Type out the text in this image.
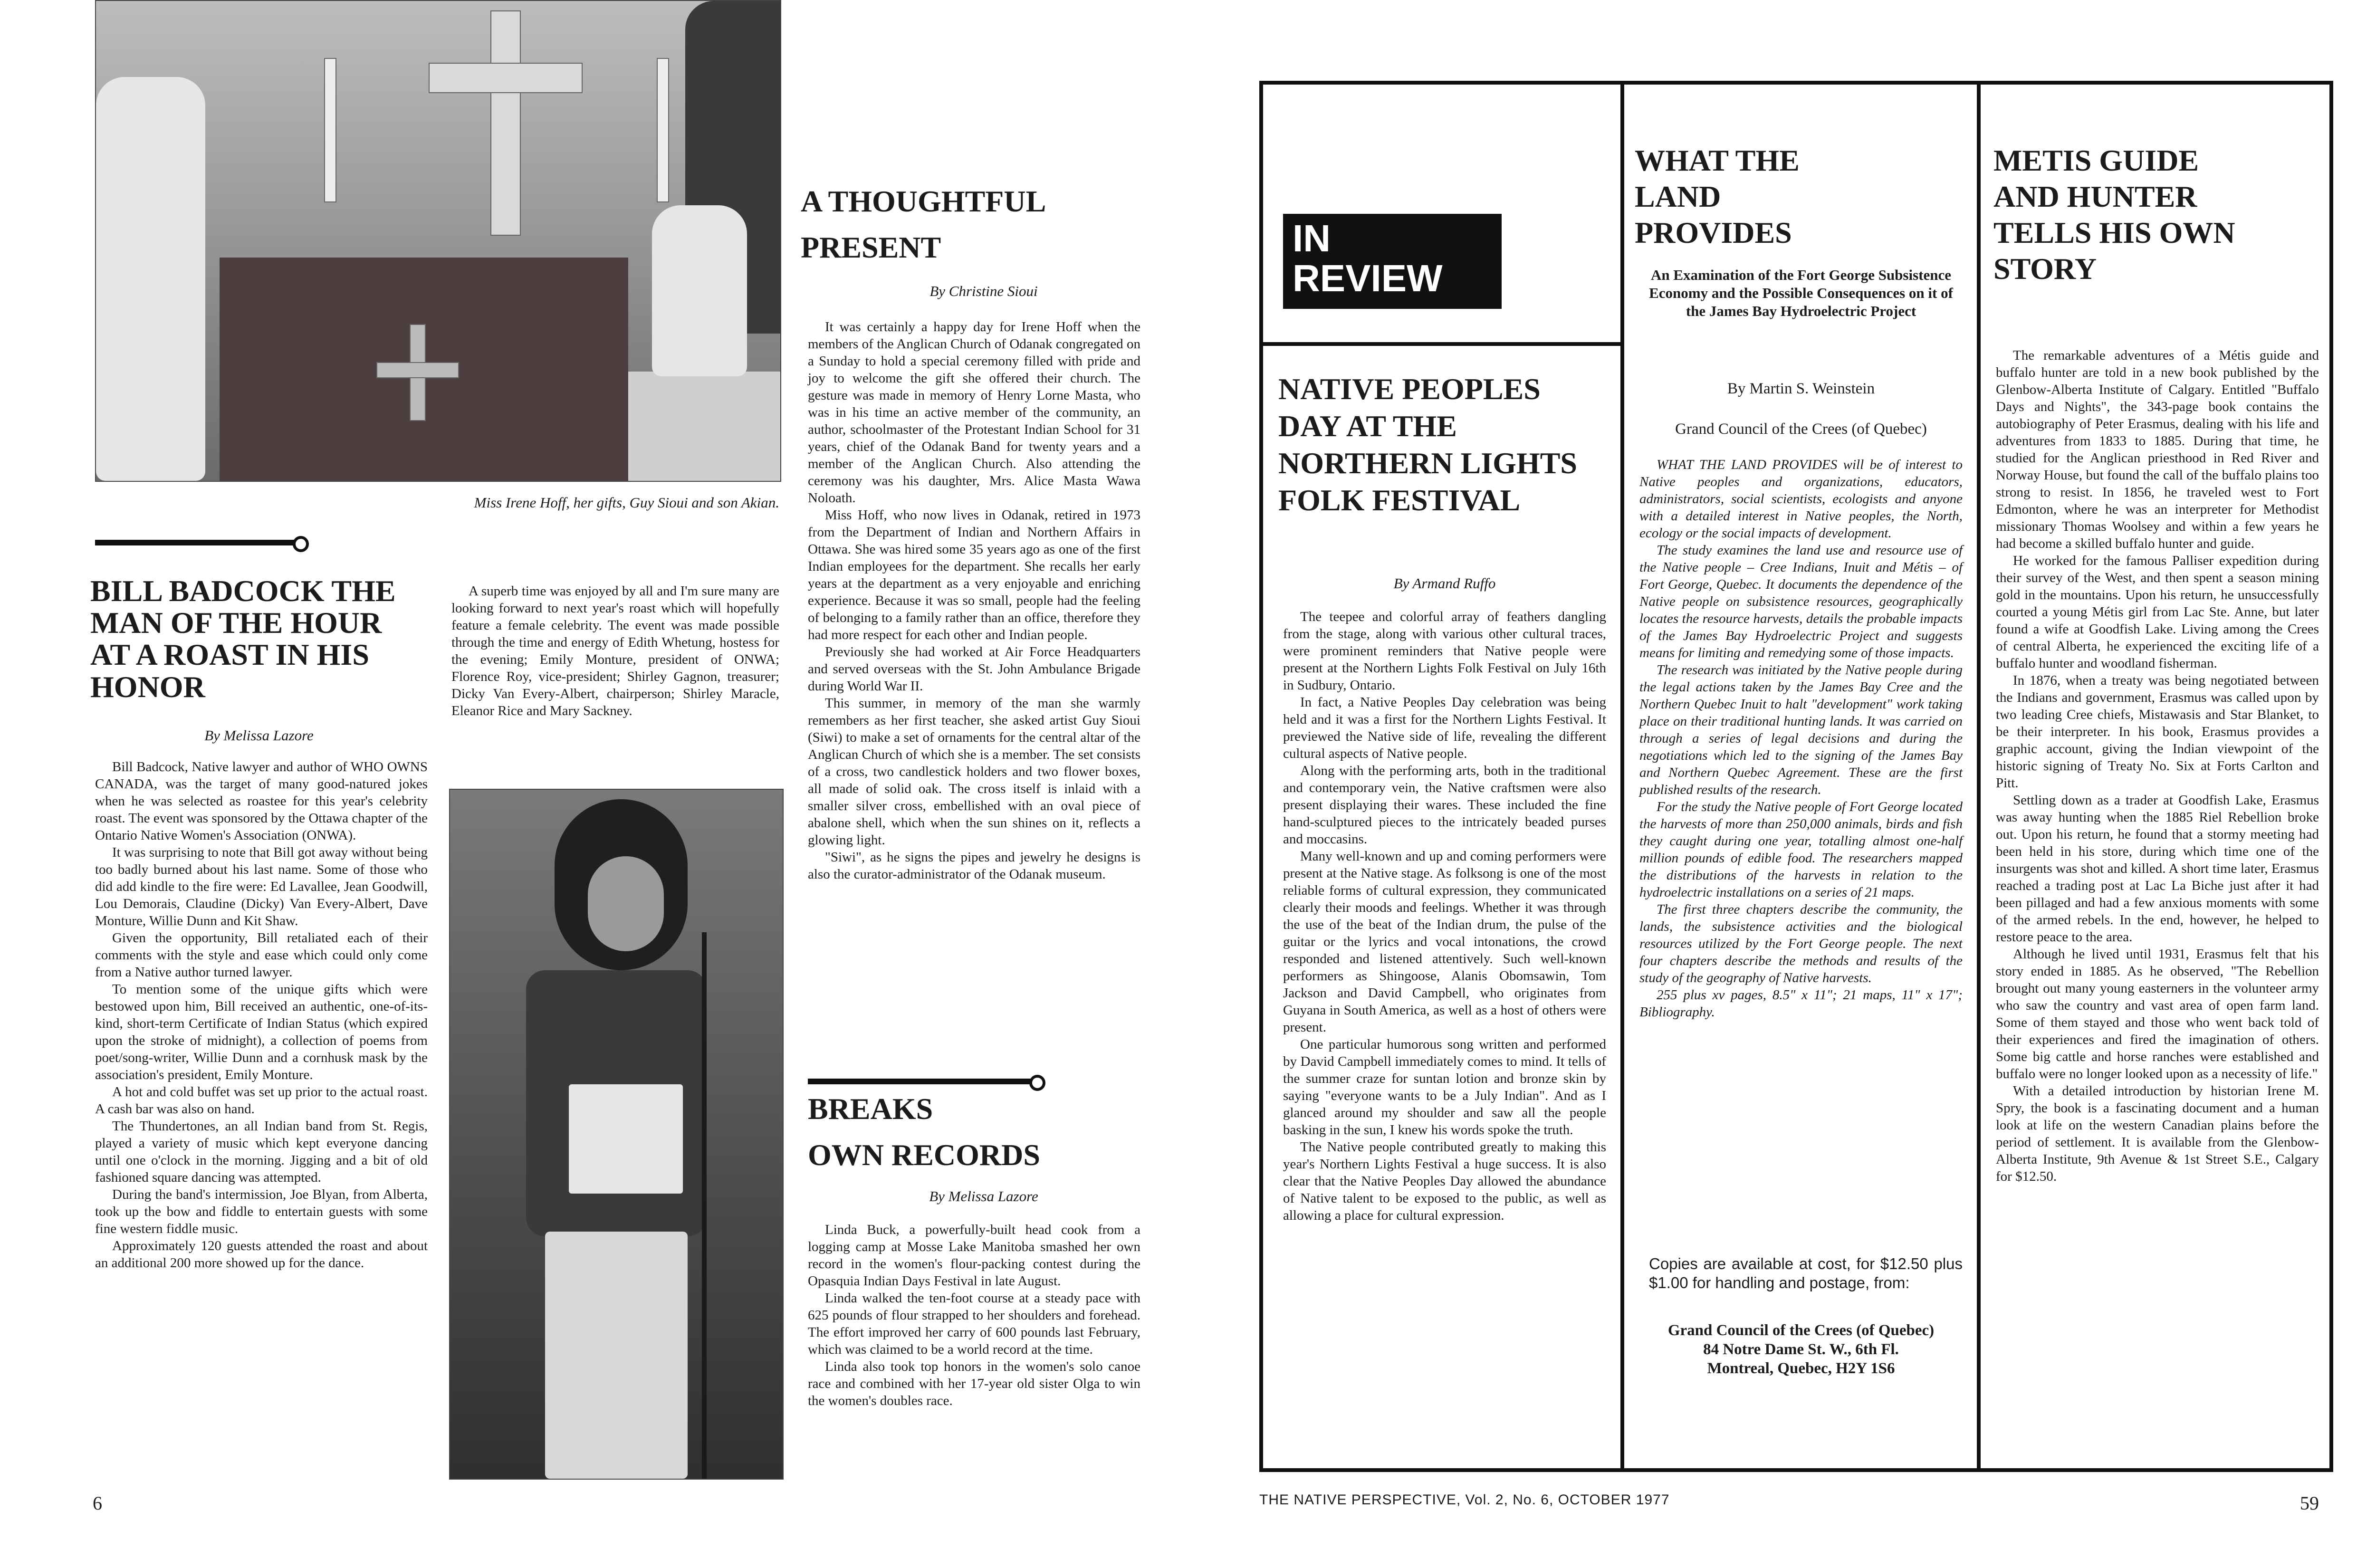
Miss Irene Hoff, her gifts, Guy Sioui and son Akian.
BILL BADCOCK THE MAN OF THE HOUR AT A ROAST IN HIS HONOR
By Melissa Lazore

Bill Badcock, Native lawyer and author of WHO OWNS CANADA, was the target of many good-natured jokes when he was selected as roastee for this year's celebrity roast. The event was sponsored by the Ottawa chapter of the Ontario Native Women's Association (ONWA).

It was surprising to note that Bill got away without being too badly burned about his last name. Some of those who did add kindle to the fire were: Ed Lavallee, Jean Goodwill, Lou Demorais, Claudine (Dicky) Van Every-Albert, Dave Monture, Willie Dunn and Kit Shaw.

Given the opportunity, Bill retaliated each of their comments with the style and ease which could only come from a Native author turned lawyer.

To mention some of the unique gifts which were bestowed upon him, Bill received an authentic, one-of-its-kind, short-term Certificate of Indian Status (which expired upon the stroke of midnight), a collection of poems from poet/song-writer, Willie Dunn and a cornhusk mask by the association's president, Emily Monture.

A hot and cold buffet was set up prior to the actual roast. A cash bar was also on hand.

The Thundertones, an all Indian band from St. Regis, played a variety of music which kept everyone dancing until one o'clock in the morning. Jigging and a bit of old fashioned square dancing was attempted.

During the band's intermission, Joe Blyan, from Alberta, took up the bow and fiddle to entertain guests with some fine western fiddle music.

Approximately 120 guests attended the roast and about an additional 200 more showed up for the dance.

A superb time was enjoyed by all and I'm sure many are looking forward to next year's roast which will hopefully feature a female celebrity. The event was made possible through the time and energy of Edith Whetung, hostess for the evening; Emily Monture, president of ONWA; Florence Roy, vice-president; Shirley Gagnon, treasurer; Dicky Van Every-Albert, chairperson; Shirley Maracle, Eleanor Rice and Mary Sackney.

A THOUGHTFUL
PRESENT
By Christine Sioui

It was certainly a happy day for Irene Hoff when the members of the Anglican Church of Odanak congregated on a Sunday to hold a special ceremony filled with pride and joy to welcome the gift she offered their church. The gesture was made in memory of Henry Lorne Masta, who was in his time an active member of the community, an author, schoolmaster of the Protestant Indian School for 31 years, chief of the Odanak Band for twenty years and a member of the Anglican Church. Also attending the ceremony was his daughter, Mrs. Alice Masta Wawa Noloath.

Miss Hoff, who now lives in Odanak, retired in 1973 from the Department of Indian and Northern Affairs in Ottawa. She was hired some 35 years ago as one of the first Indian employees for the department. She recalls her early years at the department as a very enjoyable and enriching experience. Because it was so small, people had the feeling of belonging to a family rather than an office, therefore they had more respect for each other and Indian people.

Previously she had worked at Air Force Headquarters and served overseas with the St. John Ambulance Brigade during World War II.

This summer, in memory of the man she warmly remembers as her first teacher, she asked artist Guy Sioui (Siwi) to make a set of ornaments for the central altar of the Anglican Church of which she is a member. The set consists of a cross, two candlestick holders and two flower boxes, all made of solid oak. The cross itself is inlaid with a smaller silver cross, embellished with an oval piece of abalone shell, which when the sun shines on it, reflects a glowing light.

"Siwi", as he signs the pipes and jewelry he designs is also the curator-administrator of the Odanak museum.

BREAKS
OWN RECORDS
By Melissa Lazore

Linda Buck, a powerfully-built head cook from a logging camp at Mosse Lake Manitoba smashed her own record in the women's flour-packing contest during the Opasquia Indian Days Festival in late August.

Linda walked the ten-foot course at a steady pace with 625 pounds of flour strapped to her shoulders and forehead. The effort improved her carry of 600 pounds last February, which was claimed to be a world record at the time.

Linda also took top honors in the women's solo canoe race and combined with her 17-year old sister Olga to win the women's doubles race.

6
IN
REVIEW
NATIVE PEOPLES DAY AT THE NORTHERN LIGHTS FOLK FESTIVAL
By Armand Ruffo

The teepee and colorful array of feathers dangling from the stage, along with various other cultural traces, were prominent reminders that Native people were present at the Northern Lights Folk Festival on July 16th in Sudbury, Ontario.

In fact, a Native Peoples Day celebration was being held and it was a first for the Northern Lights Festival. It previewed the Native side of life, revealing the different cultural aspects of Native people.

Along with the performing arts, both in the traditional and contemporary vein, the Native craftsmen were also present displaying their wares. These included the fine hand-sculptured pieces to the intricately beaded purses and moccasins.

Many well-known and up and coming performers were present at the Native stage. As folksong is one of the most reliable forms of cultural expression, they communicated clearly their moods and feelings. Whether it was through the use of the beat of the Indian drum, the pulse of the guitar or the lyrics and vocal intonations, the crowd responded and listened attentively. Such well-known performers as Shingoose, Alanis Obomsawin, Tom Jackson and David Campbell, who originates from Guyana in South America, as well as a host of others were present.

One particular humorous song written and performed by David Campbell immediately comes to mind. It tells of the summer craze for suntan lotion and bronze skin by saying "everyone wants to be a July Indian". And as I glanced around my shoulder and saw all the people basking in the sun, I knew his words spoke the truth.

The Native people contributed greatly to making this year's Northern Lights Festival a huge success. It is also clear that the Native Peoples Day allowed the abundance of Native talent to be exposed to the public, as well as allowing a place for cultural expression.

WHAT THE LAND PROVIDES
An Examination of the Fort George Subsistence Economy and the Possible Consequences on it of the James Bay Hydroelectric Project
By Martin S. Weinstein
Grand Council of the Crees (of Quebec)

WHAT THE LAND PROVIDES will be of interest to Native peoples and organizations, educators, administrators, social scientists, ecologists and anyone with a detailed interest in Native peoples, the North, ecology or the social impacts of development.

The study examines the land use and resource use of the Native people – Cree Indians, Inuit and Métis – of Fort George, Quebec. It documents the dependence of the Native people on subsistence resources, geographically locates the resource harvests, details the probable impacts of the James Bay Hydroelectric Project and suggests means for limiting and remedying some of those impacts.

The research was initiated by the Native people during the legal actions taken by the James Bay Cree and the Northern Quebec Inuit to halt "development" work taking place on their traditional hunting lands. It was carried on through a series of legal decisions and during the negotiations which led to the signing of the James Bay and Northern Quebec Agreement. These are the first published results of the research.

For the study the Native people of Fort George located the harvests of more than 250,000 animals, birds and fish they caught during one year, totalling almost one-half million pounds of edible food. The researchers mapped the distributions of the harvests in relation to the hydroelectric installations on a series of 21 maps.

The first three chapters describe the community, the lands, the subsistence activities and the biological resources utilized by the Fort George people. The next four chapters describe the methods and results of the study of the geography of Native harvests.

255 plus xv pages, 8.5" x 11"; 21 maps, 11" x 17"; Bibliography.

Copies are available at cost, for $12.50 plus $1.00 for handling and postage, from:
Grand Council of the Crees (of Quebec)
84 Notre Dame St. W., 6th Fl.
Montreal, Quebec, H2Y 1S6
METIS GUIDE AND HUNTER TELLS HIS OWN STORY

The remarkable adventures of a Métis guide and buffalo hunter are told in a new book published by the Glenbow-Alberta Institute of Calgary. Entitled "Buffalo Days and Nights", the 343-page book contains the autobiography of Peter Erasmus, dealing with his life and adventures from 1833 to 1885. During that time, he studied for the Anglican priesthood in Red River and Norway House, but found the call of the buffalo plains too strong to resist. In 1856, he traveled west to Fort Edmonton, where he was an interpreter for Methodist missionary Thomas Woolsey and within a few years he had become a skilled buffalo hunter and guide.

He worked for the famous Palliser expedition during their survey of the West, and then spent a season mining gold in the mountains. Upon his return, he unsuccessfully courted a young Métis girl from Lac Ste. Anne, but later found a wife at Goodfish Lake. Living among the Crees of central Alberta, he experienced the exciting life of a buffalo hunter and woodland fisherman.

In 1876, when a treaty was being negotiated between the Indians and government, Erasmus was called upon by two leading Cree chiefs, Mistawasis and Star Blanket, to be their interpreter. In his book, Erasmus provides a graphic account, giving the Indian viewpoint of the historic signing of Treaty No. Six at Forts Carlton and Pitt.

Settling down as a trader at Goodfish Lake, Erasmus was away hunting when the 1885 Riel Rebellion broke out. Upon his return, he found that a stormy meeting had been held in his store, during which time one of the insurgents was shot and killed. A short time later, Erasmus reached a trading post at Lac La Biche just after it had been pillaged and had a few anxious moments with some of the armed rebels. In the end, however, he helped to restore peace to the area.

Although he lived until 1931, Erasmus felt that his story ended in 1885. As he observed, "The Rebellion brought out many young easterners in the volunteer army who saw the country and vast area of open farm land. Some of them stayed and those who went back told of their experiences and fired the imagination of others. Some big cattle and horse ranches were established and buffalo were no longer looked upon as a necessity of life."

With a detailed introduction by historian Irene M. Spry, the book is a fascinating document and a human look at life on the western Canadian plains before the period of settlement. It is available from the Glenbow-Alberta Institute, 9th Avenue & 1st Street S.E., Calgary for $12.50.

THE NATIVE PERSPECTIVE, Vol. 2, No. 6, OCTOBER 1977	59
